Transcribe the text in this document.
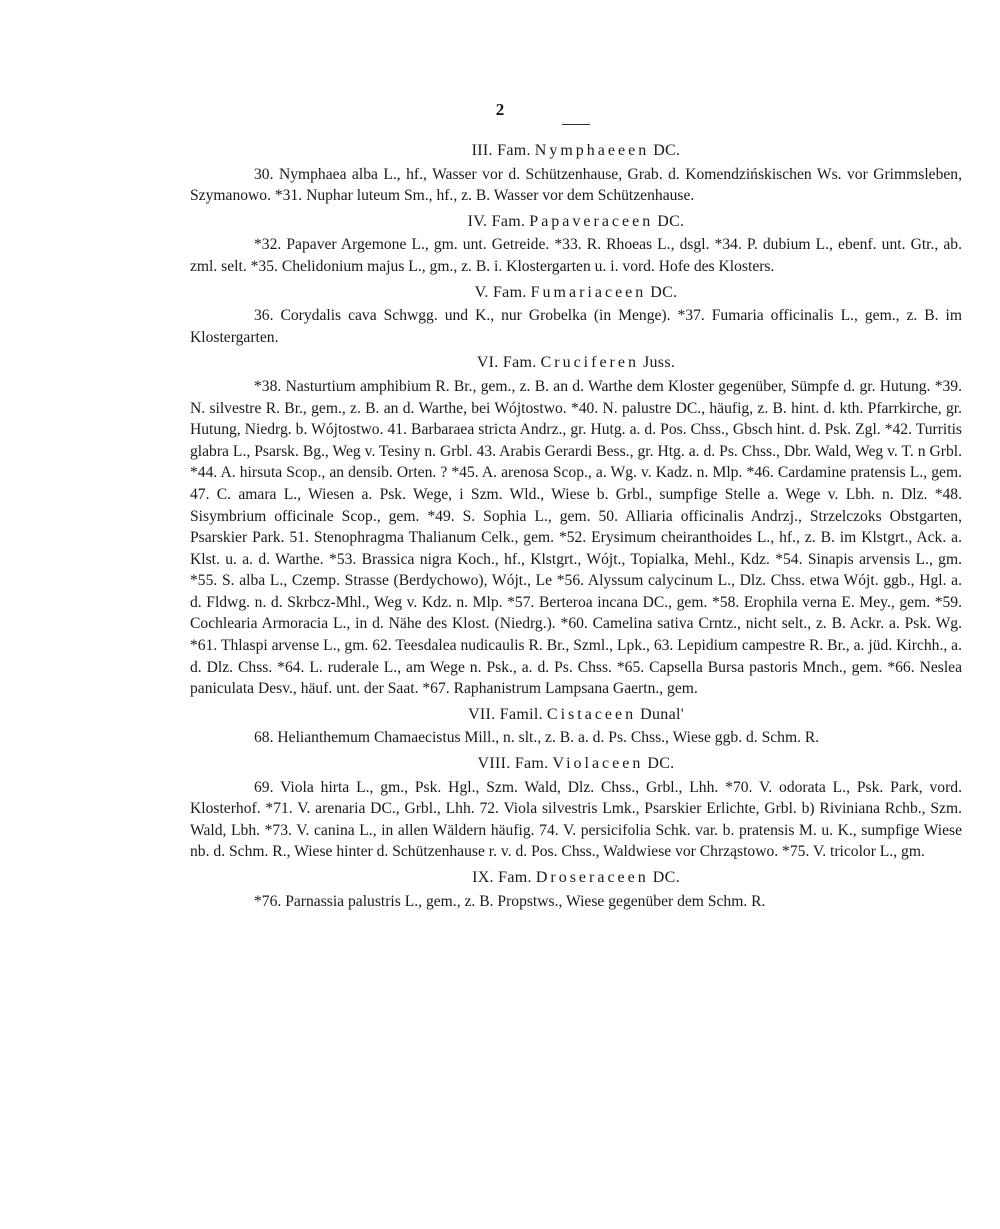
2
III. Fam. Nymphaeeen DC.

30. Nymphaea alba L., hf., Wasser vor d. Schützenhause, Grab. d. Komendzińskischen Ws. vor Grimmsleben, Szymanowo. *31. Nuphar luteum Sm., hf., z. B. Wasser vor dem Schützenhause.

IV. Fam. Papaveraceen DC.

*32. Papaver Argemone L., gm. unt. Getreide. *33. R. Rhoeas L., dsgl. *34. P. dubium L., ebenf. unt. Gtr., ab. zml. selt. *35. Chelidonium majus L., gm., z. B. i. Klostergarten u. i. vord. Hofe des Klosters.

V. Fam. Fumariaceen DC.

36. Corydalis cava Schwgg. und K., nur Grobelka (in Menge). *37. Fumaria officinalis L., gem., z. B. im Klostergarten.

VI. Fam. Cruciferen Juss.

*38. Nasturtium amphibium R. Br., gem., z. B. an d. Warthe dem Kloster gegenüber, Sümpfe d. gr. Hutung. *39. N. silvestre R. Br., gem., z. B. an d. Warthe, bei Wójtostwo. *40. N. palustre DC., häufig, z. B. hint. d. kth. Pfarrkirche, gr. Hutung, Niedrg. b. Wójtostwo. 41. Barbaraea stricta Andrz., gr. Hutg. a. d. Pos. Chss., Gbsch hint. d. Psk. Zgl. *42. Turritis glabra L., Psarsk. Bg., Weg v. Tesiny n. Grbl. 43. Arabis Gerardi Bess., gr. Htg. a. d. Ps. Chss., Dbr. Wald, Weg v. T. n Grbl. *44. A. hirsuta Scop., an densib. Orten. ? *45. A. arenosa Scop., a. Wg. v. Kadz. n. Mlp. *46. Cardamine pratensis L., gem. 47. C. amara L., Wiesen a. Psk. Wege, i Szm. Wld., Wiese b. Grbl., sumpfige Stelle a. Wege v. Lbh. n. Dlz. *48. Sisymbrium officinale Scop., gem. *49. S. Sophia L., gem. 50. Alliaria officinalis Andrzj., Strzelczoks Obstgarten, Psarskier Park. 51. Stenophragma Thalianum Celk., gem. *52. Erysimum cheiranthoides L., hf., z. B. im Klstgrt., Ack. a. Klst. u. a. d. Warthe. *53. Brassica nigra Koch., hf., Klstgrt., Wójt., Topialka, Mehl., Kdz. *54. Sinapis arvensis L., gm. *55. S. alba L., Czemp. Strasse (Berdychowo), Wójt., Le *56. Alyssum calycinum L., Dlz. Chss. etwa Wójt. ggb., Hgl. a. d. Fldwg. n. d. Skrbcz-Mhl., Weg v. Kdz. n. Mlp. *57. Berteroa incana DC., gem. *58. Erophila verna E. Mey., gem. *59. Cochlearia Armoracia L., in d. Nähe des Klost. (Niedrg.). *60. Camelina sativa Crntz., nicht selt., z. B. Ackr. a. Psk. Wg. *61. Thlaspi arvense L., gm. 62. Teesdalea nudicaulis R. Br., Szml., Lpk., 63. Lepidium campestre R. Br., a. jüd. Kirchh., a. d. Dlz. Chss. *64. L. ruderale L., am Wege n. Psk., a. d. Ps. Chss. *65. Capsella Bursa pastoris Mnch., gem. *66. Neslea paniculata Desv., häuf. unt. der Saat. *67. Raphanistrum Lampsana Gaertn., gem.

VII. Famil. Cistaceen Dunal'

68. Helianthemum Chamaecistus Mill., n. slt., z. B. a. d. Ps. Chss., Wiese ggb. d. Schm. R.

VIII. Fam. Violaceen DC.

69. Viola hirta L., gm., Psk. Hgl., Szm. Wald, Dlz. Chss., Grbl., Lhh. *70. V. odorata L., Psk. Park, vord. Klosterhof. *71. V. arenaria DC., Grbl., Lhh. 72. Viola silvestris Lmk., Psarskier Erlichte, Grbl. b) Riviniana Rchb., Szm. Wald, Lbh. *73. V. canina L., in allen Wäldern häufig. 74. V. persicifolia Schk. var. b. pratensis M. u. K., sumpfige Wiese nb. d. Schm. R., Wiese hinter d. Schützenhause r. v. d. Pos. Chss., Waldwiese vor Chrząstowo. *75. V. tricolor L., gm.

IX. Fam. Droseraceen DC.

*76. Parnassia palustris L., gem., z. B. Propstws., Wiese gegenüber dem Schm. R.
